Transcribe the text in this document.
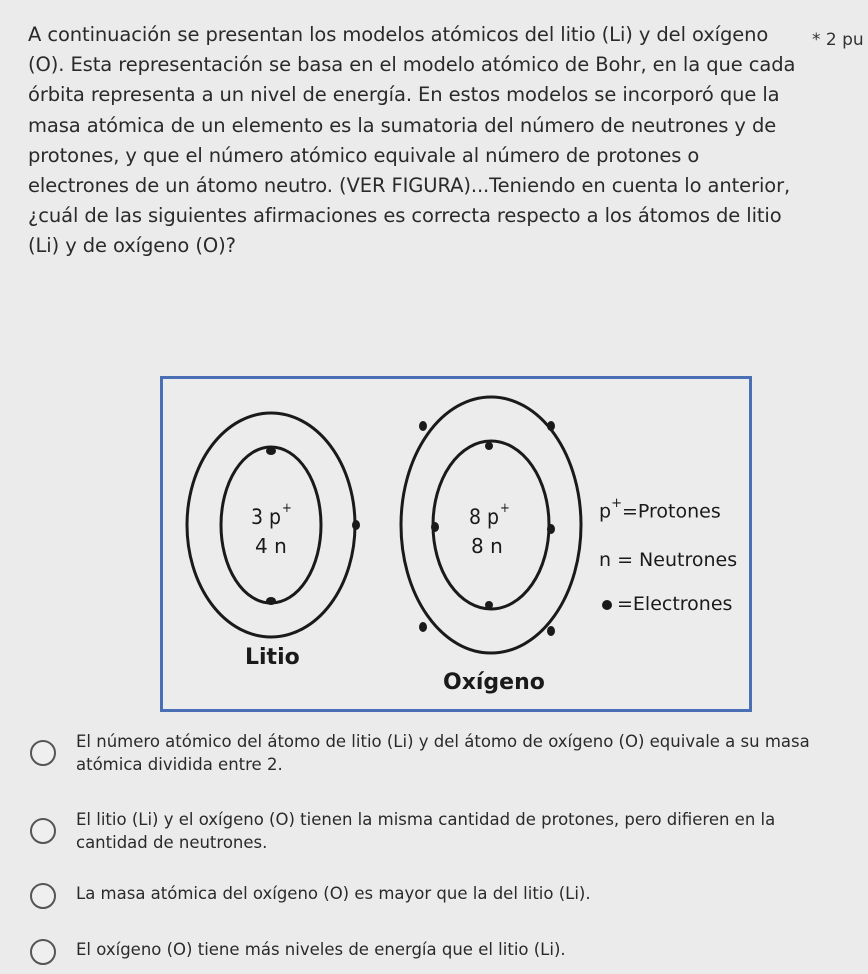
A continuación se presentan los modelos atómicos del litio (Li) y del oxígeno (O). Esta representación se basa en el modelo atómico de Bohr, en la que cada órbita representa a un nivel de energía. En estos modelos se incorporó que la masa atómica de un elemento es la sumatoria del número de neutrones y de protones, y que el número atómico equivale al número de protones o electrones de un átomo neutro. (VER FIGURA)...Teniendo en cuenta lo anterior, ¿cuál de las siguientes afirmaciones es correcta respecto a los átomos de litio (Li) y de oxígeno (O)?
* 2 pu
3 p+
4 n
Litio
8 p+
8 n
Oxígeno
p+=Protones
n = Neutrones
=Electrones
El número atómico del átomo de litio (Li) y del átomo de oxígeno (O) equivale a su masa atómica dividida entre 2.
El litio (Li) y el oxígeno (O) tienen la misma cantidad de protones, pero difieren en la cantidad de neutrones.
La masa atómica del oxígeno (O) es mayor que la del litio (Li).
El oxígeno (O) tiene más niveles de energía que el litio (Li).
